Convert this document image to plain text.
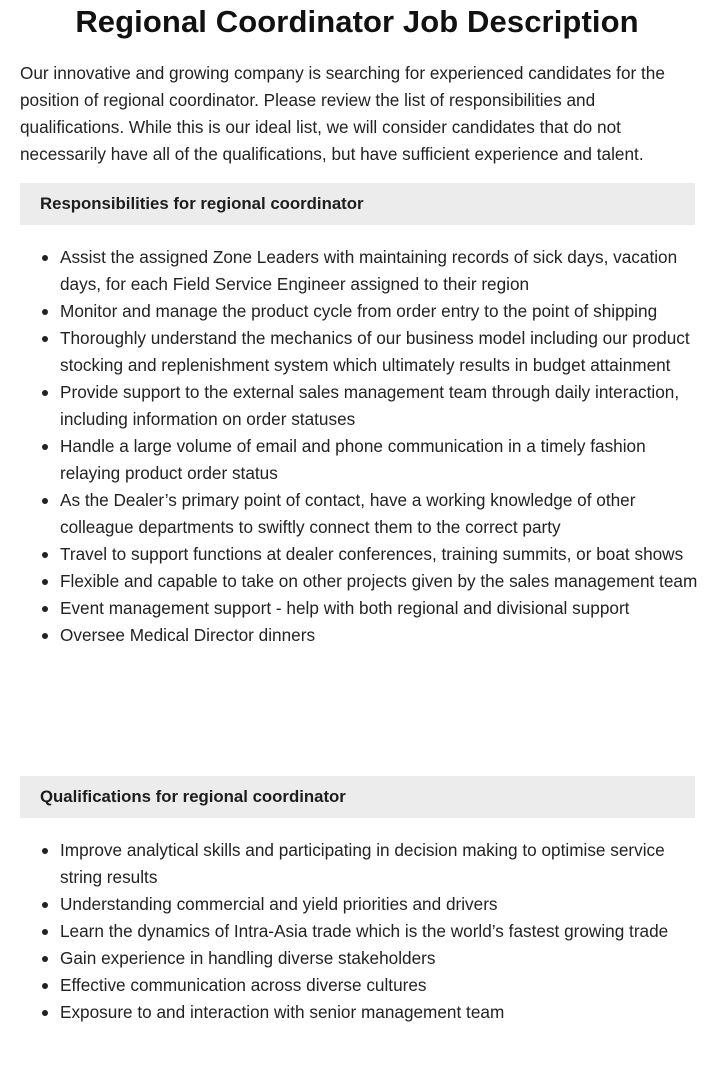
Regional Coordinator Job Description

Our innovative and growing company is searching for experienced candidates for the position of regional coordinator. Please review the list of responsibilities and qualifications. While this is our ideal list, we will consider candidates that do not necessarily have all of the qualifications, but have sufficient experience and talent.

Responsibilities for regional coordinator
Assist the assigned Zone Leaders with maintaining records of sick days, vacation days, for each Field Service Engineer assigned to their region
Monitor and manage the product cycle from order entry to the point of shipping
Thoroughly understand the mechanics of our business model including our product stocking and replenishment system which ultimately results in budget attainment
Provide support to the external sales management team through daily interaction, including information on order statuses
Handle a large volume of email and phone communication in a timely fashion relaying product order status
As the Dealer’s primary point of contact, have a working knowledge of other colleague departments to swiftly connect them to the correct party
Travel to support functions at dealer conferences, training summits, or boat shows
Flexible and capable to take on other projects given by the sales management team
Event management support - help with both regional and divisional support
Oversee Medical Director dinners
Qualifications for regional coordinator
Improve analytical skills and participating in decision making to optimise service string results
Understanding commercial and yield priorities and drivers
Learn the dynamics of Intra-Asia trade which is the world’s fastest growing trade
Gain experience in handling diverse stakeholders
Effective communication across diverse cultures
Exposure to and interaction with senior management team
